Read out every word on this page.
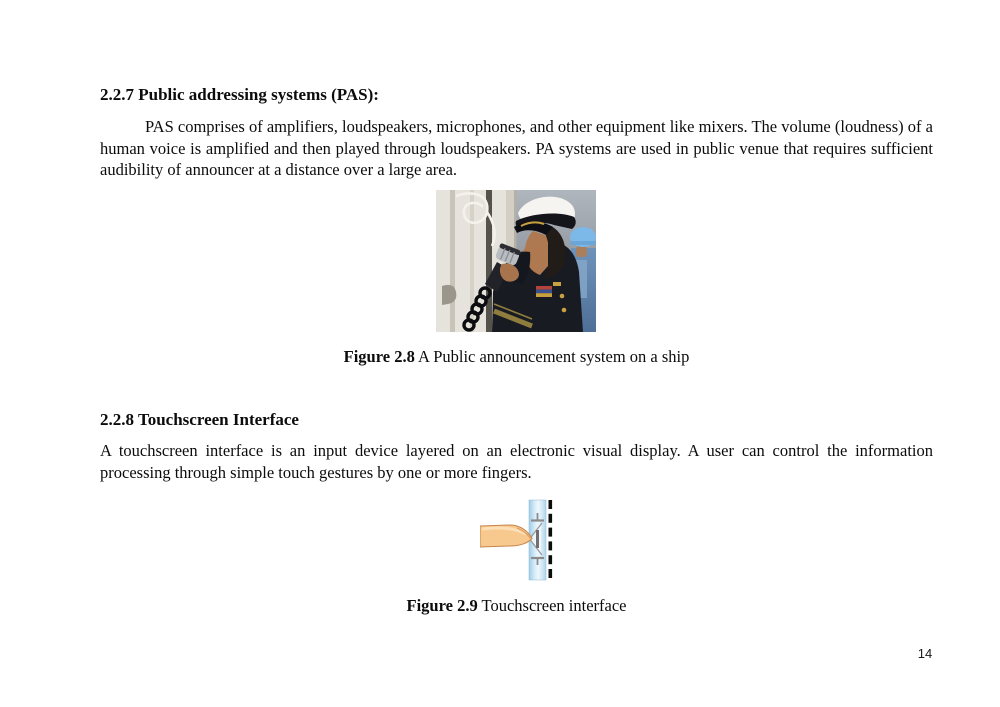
2.2.7 Public addressing systems (PAS):
PAS comprises of amplifiers, loudspeakers, microphones, and other equipment like mixers. The volume (loudness) of a human voice is amplified and then played through loudspeakers. PA systems are used in public venue that requires sufficient audibility of announcer at a distance over a large area.
Figure 2.8 A Public announcement system on a ship
2.2.8 Touchscreen Interface
A touchscreen interface is an input device layered on an electronic visual display. A user can control the information processing through simple touch gestures by one or more fingers.
Figure 2.9 Touchscreen interface
14
